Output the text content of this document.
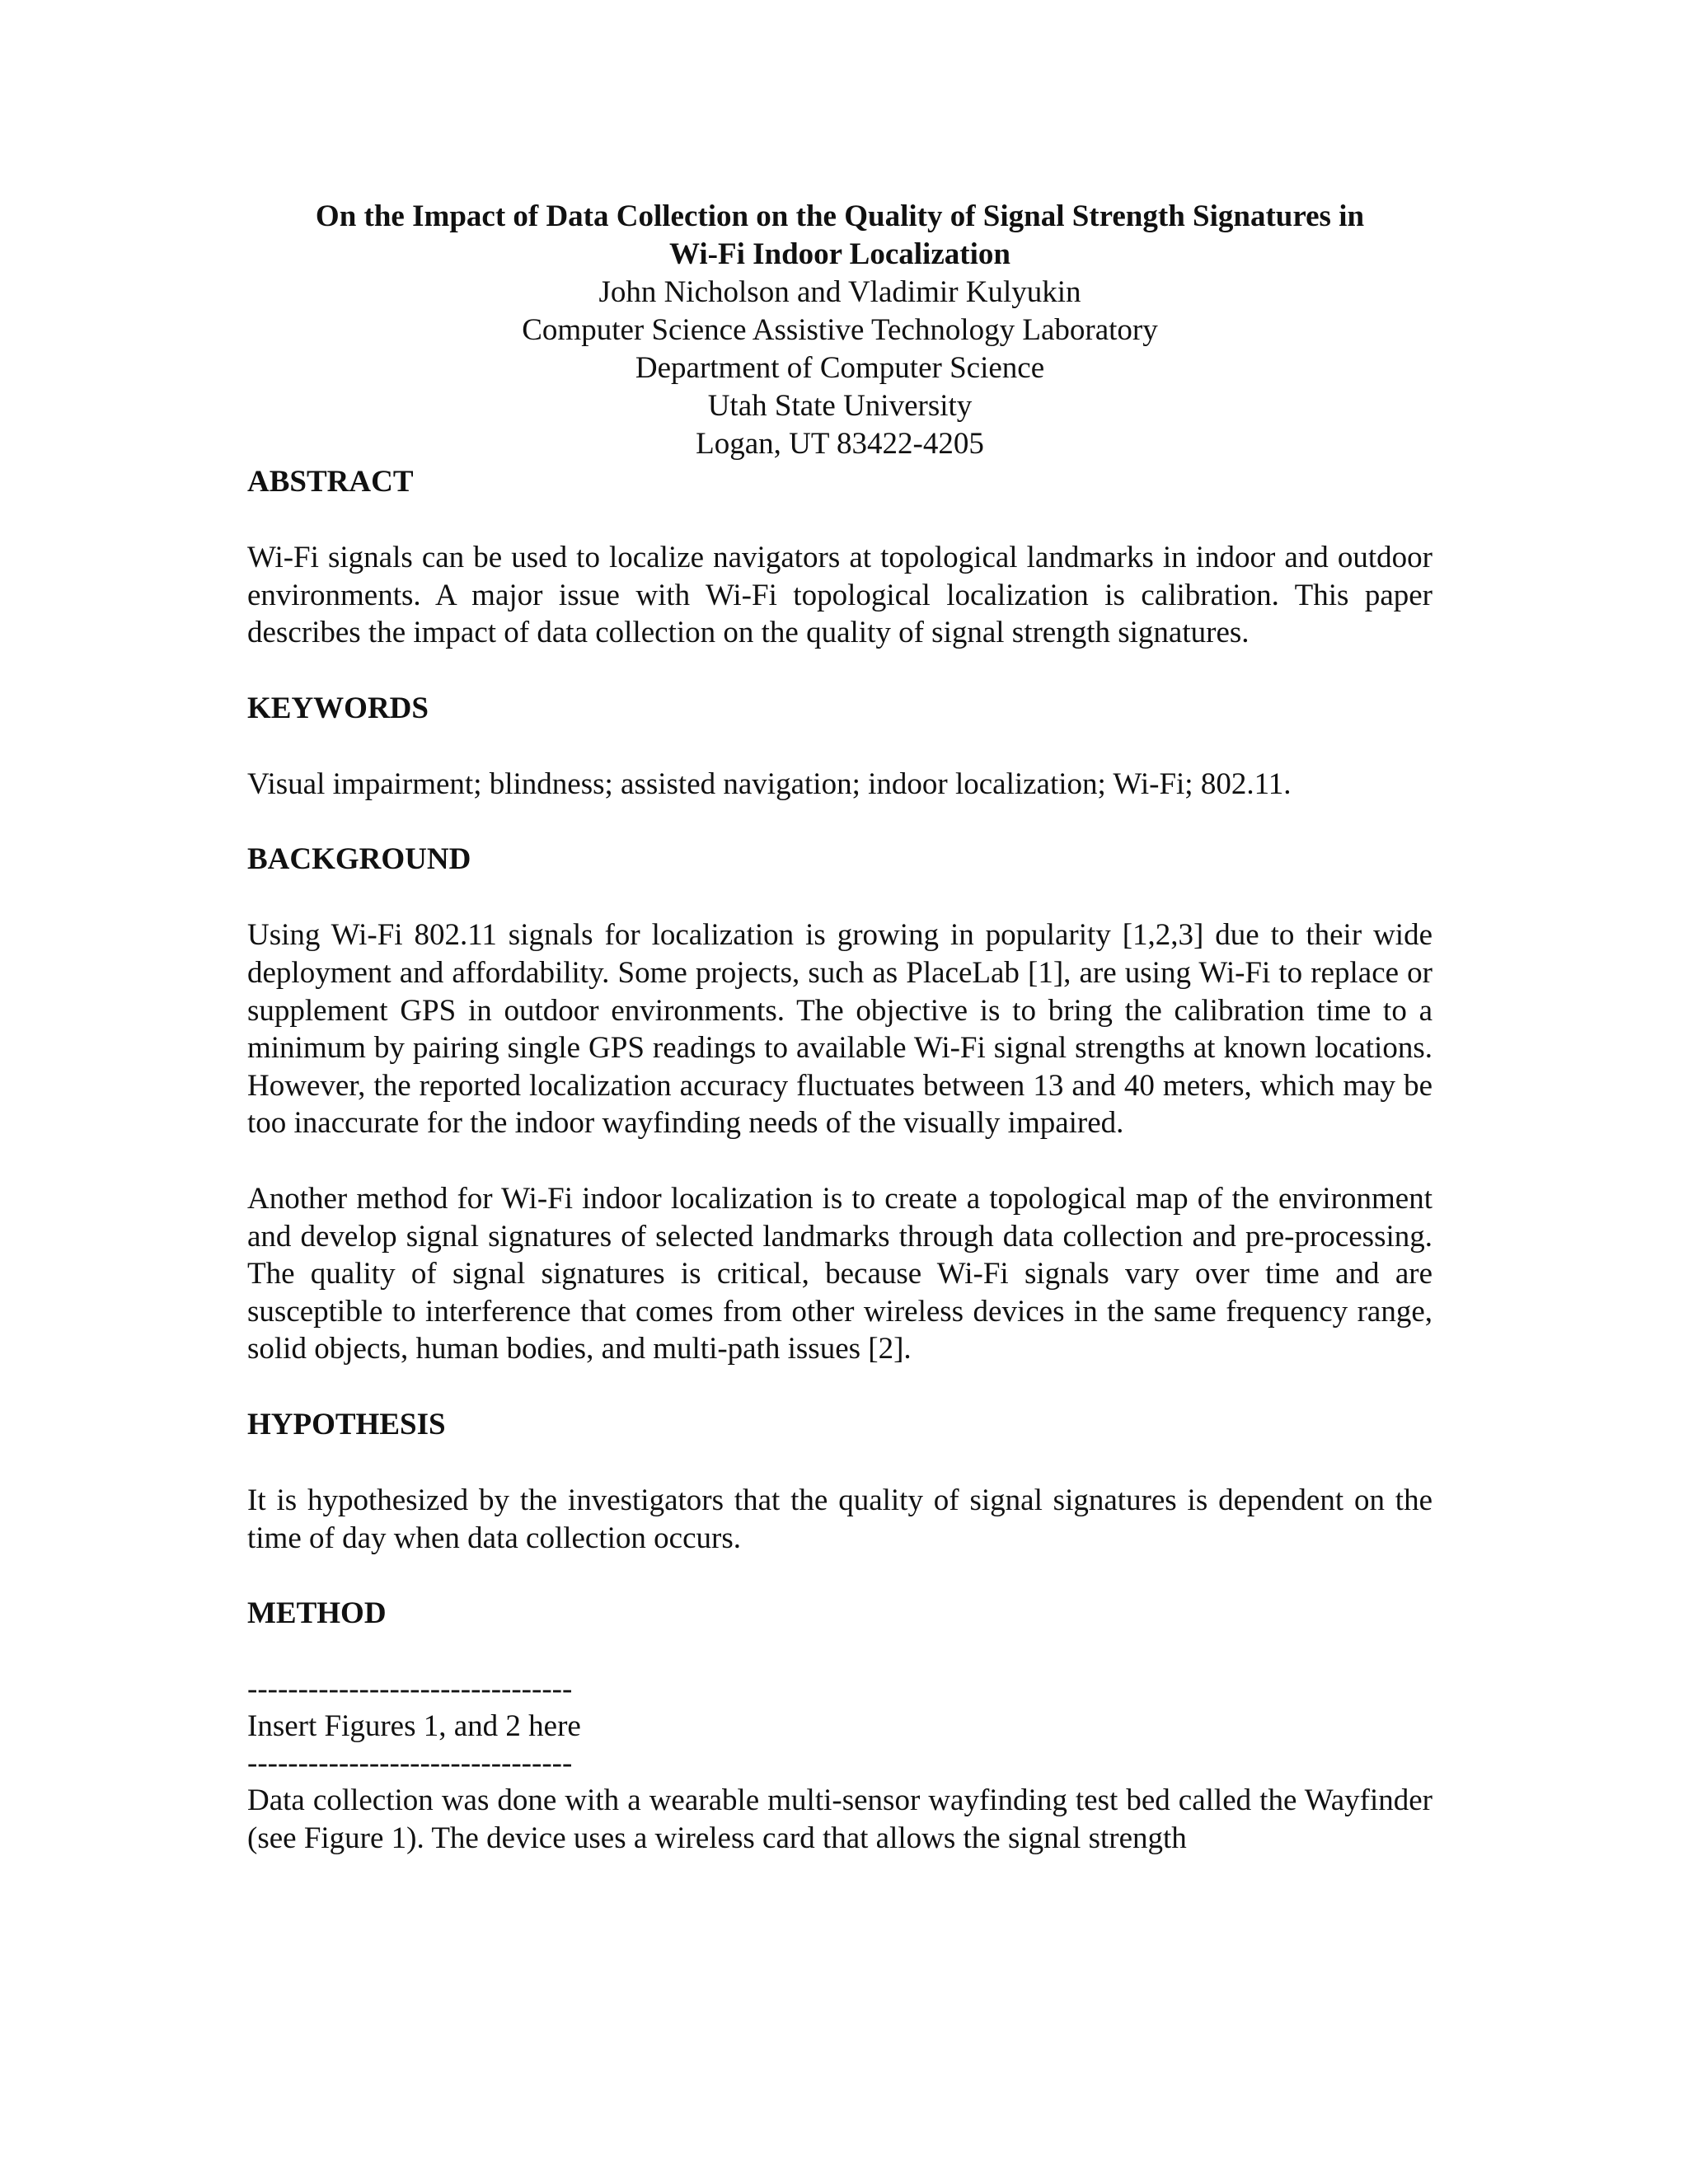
On the Impact of Data Collection on the Quality of Signal Strength Signatures in

Wi-Fi Indoor Localization

John Nicholson and Vladimir Kulyukin

Computer Science Assistive Technology Laboratory

Department of Computer Science

Utah State University

Logan, UT 83422-4205

ABSTRACT

Wi-Fi signals can be used to localize navigators at topological landmarks in indoor and outdoor environments. A major issue with Wi-Fi topological localization is calibration. This paper describes the impact of data collection on the quality of signal strength signatures.

KEYWORDS

Visual impairment; blindness; assisted navigation; indoor localization; Wi-Fi; 802.11.

BACKGROUND

Using Wi-Fi 802.11 signals for localization is growing in popularity [1,2,3] due to their wide deployment and affordability. Some projects, such as PlaceLab [1], are using Wi-Fi to replace or supplement GPS in outdoor environments. The objective is to bring the calibration time to a minimum by pairing single GPS readings to available Wi-Fi signal strengths at known locations. However, the reported localization accuracy fluctuates between 13 and 40 meters, which may be too inaccurate for the indoor wayfinding needs of the visually impaired.

Another method for Wi-Fi indoor localization is to create a topological map of the environment and develop signal signatures of selected landmarks through data collection and pre-processing. The quality of signal signatures is critical, because Wi-Fi signals vary over time and are susceptible to interference that comes from other wireless devices in the same frequency range, solid objects, human bodies, and multi-path issues [2].

HYPOTHESIS

It is hypothesized by the investigators that the quality of signal signatures is dependent on the time of day when data collection occurs.

METHOD

--------------------------------

Insert Figures 1, and 2 here

--------------------------------

Data collection was done with a wearable multi-sensor wayfinding test bed called the Wayfinder (see Figure 1). The device uses a wireless card that allows the signal strength
